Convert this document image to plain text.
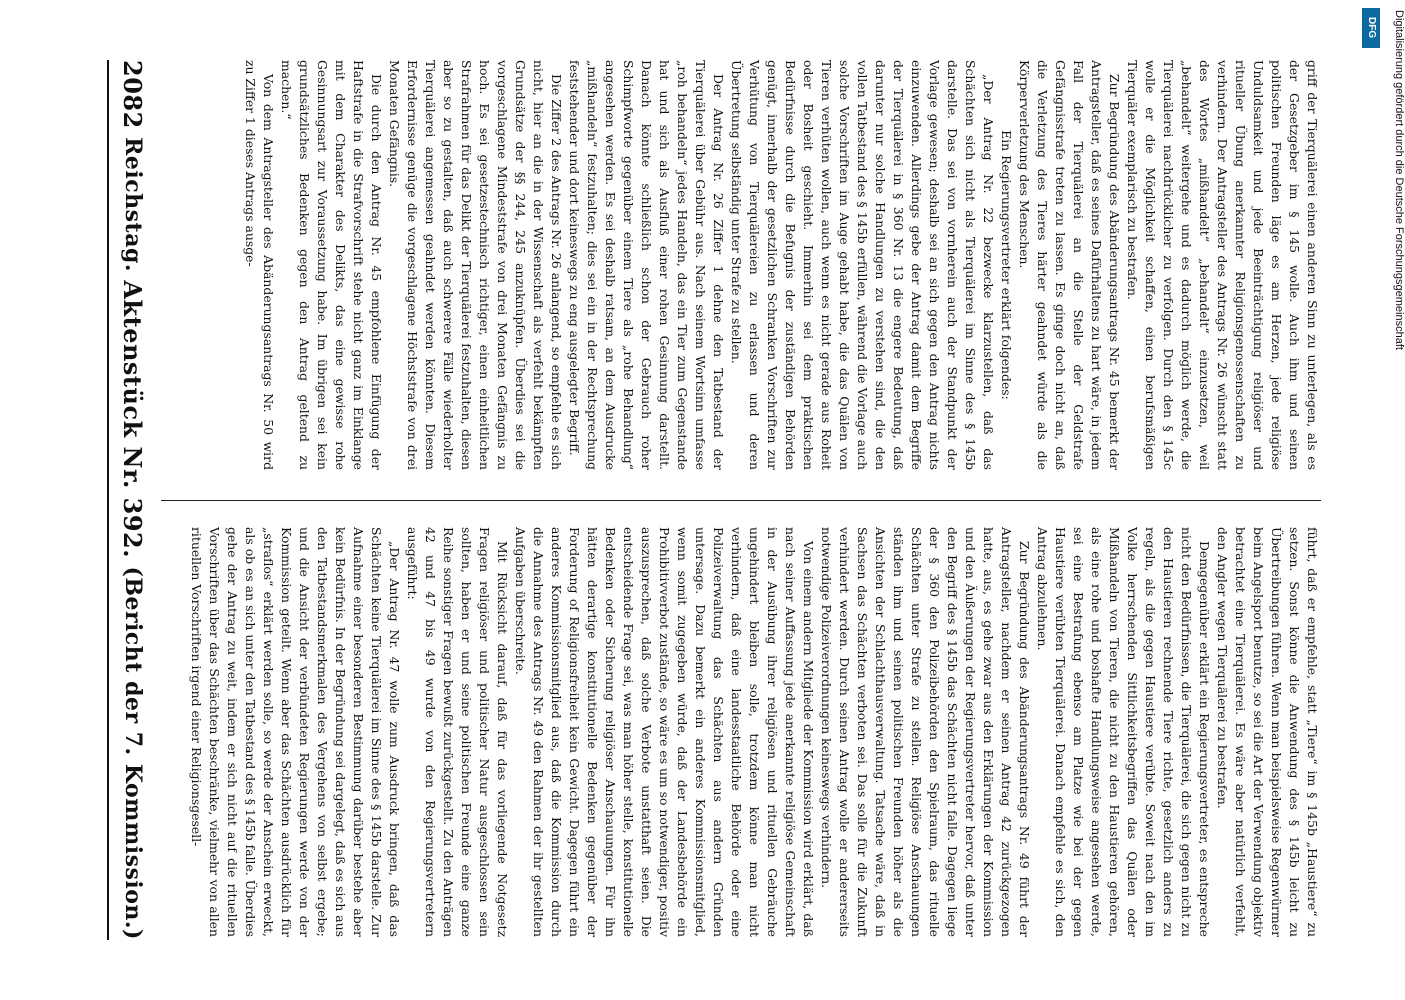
DFG Digitalisierung gefördert durch die Deutsche Forschungsgemeinschaft
2082
Reichstag.
Aktenstück Nr. 392.
(Bericht der 7. Kommission.)

griff der Tierquälerei einen anderen Sinn zu unterlegen, als es der Gesetzgeber im § 145 wolle. Auch ihm und seinen politischen Freunden läge es am Herzen, jede religiöse Unduldsamkeit und jede Beeinträchtigung religiöser und ritueller Übung anerkannter Religionsgenossenschaften zu verhindern. Der Antragsteller des Antrags Nr. 26 wünscht statt des Wortes „mißhandelt“ „behandelt“ einzusetzen, weil „behandelt“ weitergehe und es dadurch möglich werde, die Tierquälerei nachdrücklicher zu verfolgen. Durch den § 145c wolle er die Möglichkeit schaffen, einen berufsmäßigen Tierquäler exemplarisch zu bestrafen.

Zur Begründung des Abänderungsantrags Nr. 45 bemerkt der Antragsteller, daß es seines Dafürhaltens zu hart wäre, in jedem Fall der Tierquälerei an die Stelle der Geldstrafe Gefängnisstrafe treten zu lassen. Es ginge doch nicht an, daß die Verletzung des Tieres härter geahndet würde als die Körperverletzung des Menschen.

Ein Regierungsvertreter erklärt folgendes:

„Der Antrag Nr. 22 bezwecke klarzustellen, daß das Schächten sich nicht als Tierquälerei im Sinne des § 145b darstelle. Das sei von vornherein auch der Standpunkt der Vorlage gewesen; deshalb sei an sich gegen den Antrag nichts einzuwenden. Allerdings gebe der Antrag damit dem Begriffe der Tierquälerei in § 360 Nr. 13 die engere Bedeutung, daß darunter nur solche Handlungen zu verstehen sind, die den vollen Tatbestand des § 145b erfüllen, während die Vorlage auch solche Vorschriften im Auge gehabt habe, die das Quälen von Tieren verhüten wollen, auch wenn es nicht gerade aus Roheit oder Bosheit geschieht. Immerhin sei dem praktischen Bedürfnisse durch die Befugnis der zuständigen Behörden genügt, innerhalb der gesetzlichen Schranken Vorschriften zur Verhütung von Tierquälereien zu erlassen und deren Übertretung selbständig unter Strafe zu stellen.

Der Antrag Nr. 26 Ziffer 1 dehne den Tatbestand der Tierquälerei über Gebühr aus. Nach seinem Wortsinn umfasse „roh behandeln“ jedes Handeln, das ein Tier zum Gegenstande hat und sich als Ausfluß einer rohen Gesinnung darstellt. Danach könnte schließlich schon der Gebrauch roher Schimpfworte gegenüber einem Tiere als „rohe Behandlung“ angesehen werden. Es sei deshalb ratsam, an dem Ausdrucke „mißhandeln“ festzuhalten; dies sei ein in der Rechtsprechung feststehender und dort keineswegs zu eng ausgelegter Begriff.

Die Ziffer 2 des Antrags Nr. 26 anlangend, so empfehle es sich nicht, hier an die in der Wissenschaft als verfehlt bekämpften Grundsätze der §§ 244, 245 anzuknüpfen. Überdies sei die vorgeschlagene Mindeststrafe von drei Monaten Gefängnis zu hoch. Es sei gesetzestechnisch richtiger, einen einheitlichen Strafrahmen für das Delikt der Tierquälerei festzuhalten, diesen aber so zu gestalten, daß auch schwerere Fälle wiederholter Tierquälerei angemessen geahndet werden könnten. Diesem Erfordernisse genüge die vorgeschlagene Höchststrafe von drei Monaten Gefängnis.

Die durch den Antrag Nr. 45 empfohlene Einfügung der Haftstrafe in die Strafvorschrift stehe nicht ganz im Einklange mit dem Charakter des Delikts, das eine gewisse rohe Gesinnungsart zur Voraussetzung habe. Im übrigen sei kein grundsätzliches Bedenken gegen den Antrag geltend zu machen.“

Von dem Antragsteller des Abänderungsantrags Nr. 50 wird zu Ziffer 1 dieses Antrags ausge-

führt, daß er empfehle, statt „Tiere“ im § 145b „Haustiere“ zu setzen. Sonst könne die Anwendung des § 145b leicht zu Übertreibungen führen. Wenn man beispielsweise Regenwürmer beim Angelsport benutze, so sei die Art der Verwendung objektiv betrachtet eine Tierquälerei. Es wäre aber natürlich verfehlt, den Angler wegen Tierquälerei zu bestrafen.

Demgegenüber erklärt ein Regierungsvertreter, es entspreche nicht den Bedürfnissen, die Tierquälerei, die sich gegen nicht zu den Haustieren rechnende Tiere richte, gesetzlich anders zu regeln, als die gegen Haustiere verübte. Soweit nach den im Volke herrschenden Sittlichkeitsbegriffen das Quälen oder Mißhandeln von Tieren, die nicht zu den Haustieren gehören, als eine rohe und boshafte Handlungsweise angesehen werde, sei eine Bestrafung ebenso am Platze wie bei der gegen Haustiere verübten Tierquälerei. Danach empfehle es sich, den Antrag abzulehnen.

Zur Begründung des Abänderungsantrags Nr. 49 führt der Antragsteller, nachdem er seinen Antrag 42 zurückgezogen hatte, aus, es gehe zwar aus den Erklärungen der Kommission und den Äußerungen der Regierungsvertreter hervor, daß unter den Begriff des § 145b das Schächten nicht falle. Dagegen liege der § 360 den Polizeibehörden den Spielraum, das rituelle Schächten unter Strafe zu stellen. Religiöse Anschauungen ständen ihm und seinen politischen Freunden höher als die Ansichten der Schlachthausverwaltung. Tatsache wäre, daß in Sachsen das Schächten verboten sei. Das solle für die Zukunft verhindert werden. Durch seinen Antrag wolle er andererseits notwendige Polizeiverordnungen keineswegs verhindern.

Von einem andern Mitgliede der Kommission wird erklärt, daß nach seiner Auffassung jede anerkannte religiöse Gemeinschaft in der Ausübung ihrer religiösen und rituellen Gebräuche ungehindert bleiben solle, trotzdem könne man nicht verhindern, daß eine landesstaatliche Behörde oder eine Polizeiverwaltung das Schächten aus andern Gründen untersage. Dazu bemerkt ein anderes Kommissionsmitglied, wenn somit zugegeben würde, daß der Landesbehörde ein Prohibitivverbot zustände, so wäre es um so notwendiger, positiv auszusprechen, daß solche Verbote unstatthaft seien. Die entscheidende Frage sei, was man höher stelle, konstitutionelle Bedenken oder Sicherung religiöser Anschauungen. Für ihn hätten derartige konstitutionelle Bedenken gegenüber der Forderung of Religionsfreiheit kein Gewicht. Dagegen führt ein anderes Kommissionsmitglied aus, daß die Kommission durch die Annahme des Antrags Nr. 49 den Rahmen der ihr gestellten Aufgaben überschreite.

Mit Rücksicht darauf, daß für das vorliegende Notgesetz Fragen religiöser und politischer Natur ausgeschlossen sein sollten, haben er und seine politischen Freunde eine ganze Reihe sonstiger Fragen bewußt zurückgestellt. Zu den Anträgen 42 und 47 bis 49 wurde von den Regierungsvertretern ausgeführt:

„Der Antrag Nr. 47 wolle zum Ausdruck bringen, daß das Schächten keine Tierquälerei im Sinne des § 145b darstelle. Zur Aufnahme einer besonderen Bestimmung darüber bestehe aber kein Bedürfnis. In der Begründung sei dargelegt, daß es sich aus den Tatbestandsmerkmalen des Vergehens von selbst ergebe; und die Ansicht der verbündeten Regierungen werde von der Kommission geteilt. Wenn aber das Schächten ausdrücklich für „straflos“ erklärt werden solle, so werde der Anschein erweckt, als ob es an sich unter den Tatbestand des § 145b falle. Überdies gehe der Antrag zu weit, indem er sich nicht auf die rituellen Vorschriften über das Schächten beschränke, vielmehr von allen rituellen Vorschriften irgend einer Religionsgesell-
